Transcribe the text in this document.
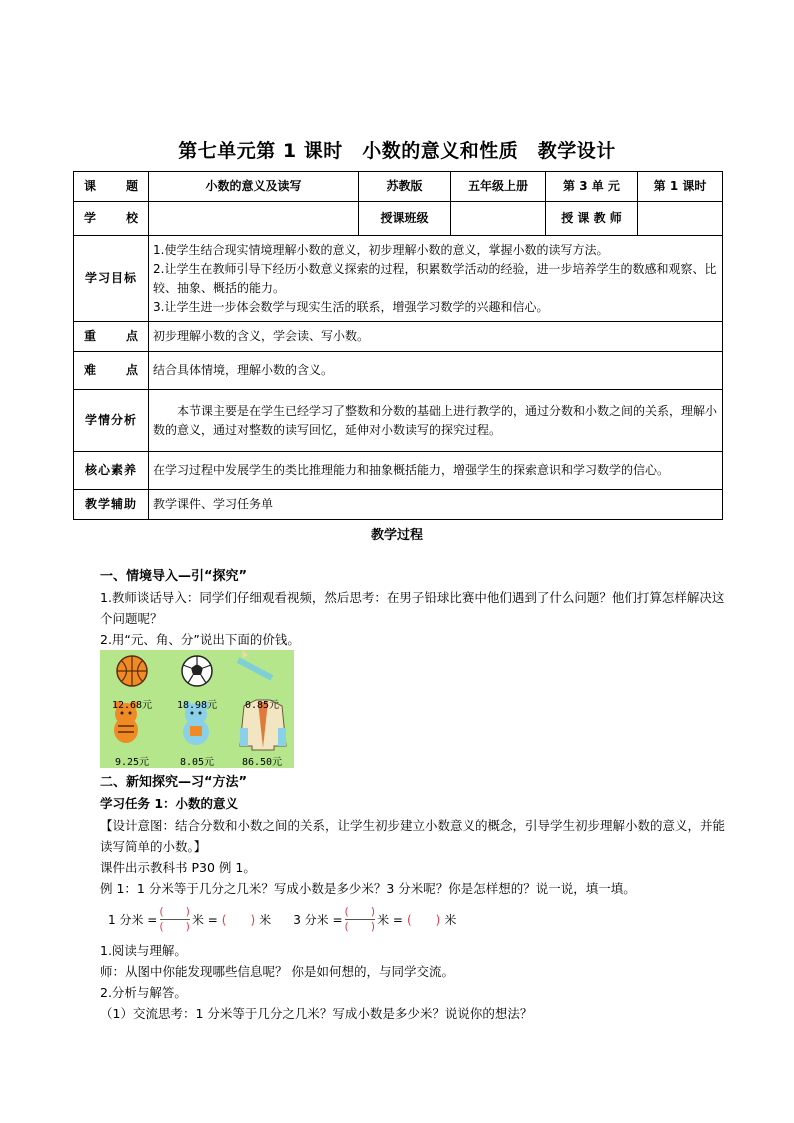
第七单元第 1 课时　小数的意义和性质　教学设计
课 题	小数的意义及读写	苏教版	五年级上册	第 3 单 元	第 1 课时

学 校		授课班级		授 课 教 师	
学习目标	1.使学生结合现实情境理解小数的意义，初步理解小数的意义，掌握小数的读写方法。
2.让学生在教师引导下经历小数意义探索的过程，积累数学活动的经验，进一步培养学生的数感和观察、比较、抽象、概括的能力。
3.让学生进一步体会数学与现实生活的联系，增强学习数学的兴趣和信心。				

重 点	初步理解小数的含义，学会读、写小数。				

难 点	结合具体情境，理解小数的含义。				
学情分析	本节课主要是在学生已经学习了整数和分数的基础上进行教学的，通过分数和小数之间的关系，理解小数的意义，通过对整数的读写回忆，延伸对小数读写的探究过程。				
核心素养	在学习过程中发展学生的类比推理能力和抽象概括能力，增强学生的探索意识和学习数学的信心。				
教学辅助	教学课件、学习任务单				
教学过程
一、情境导入—引“探究”
1.教师谈话导入：同学们仔细观看视频，然后思考：在男子铅球比赛中他们遇到了什么问题？他们打算怎样解决这个问题呢？
2.用“元、角、分”说出下面的价钱。
12.68元	18.98元	0.85元
9.25元	8.05元	86.50元
二、新知探究—习“方法”
学习任务 1：小数的意义
【设计意图：结合分数和小数之间的关系，让学生初步建立小数意义的概念，引导学生初步理解小数的意义，并能读写简单的小数。】
课件出示教科书 P30 例 1。
例 1：1 分米等于几分之几米？写成小数是多少米？3 分米呢？你是怎样想的？说一说，填一填。
1 分米 = $\frac{( )}{( )}$ 米 = (　　) 米 3 分米 = $\frac{( )}{( )}$ 米 = (　　) 米
1.阅读与理解。
师：从图中你能发现哪些信息呢？ 你是如何想的，与同学交流。
2.分析与解答。
（1）交流思考：1 分米等于几分之几米？写成小数是多少米？说说你的想法？
